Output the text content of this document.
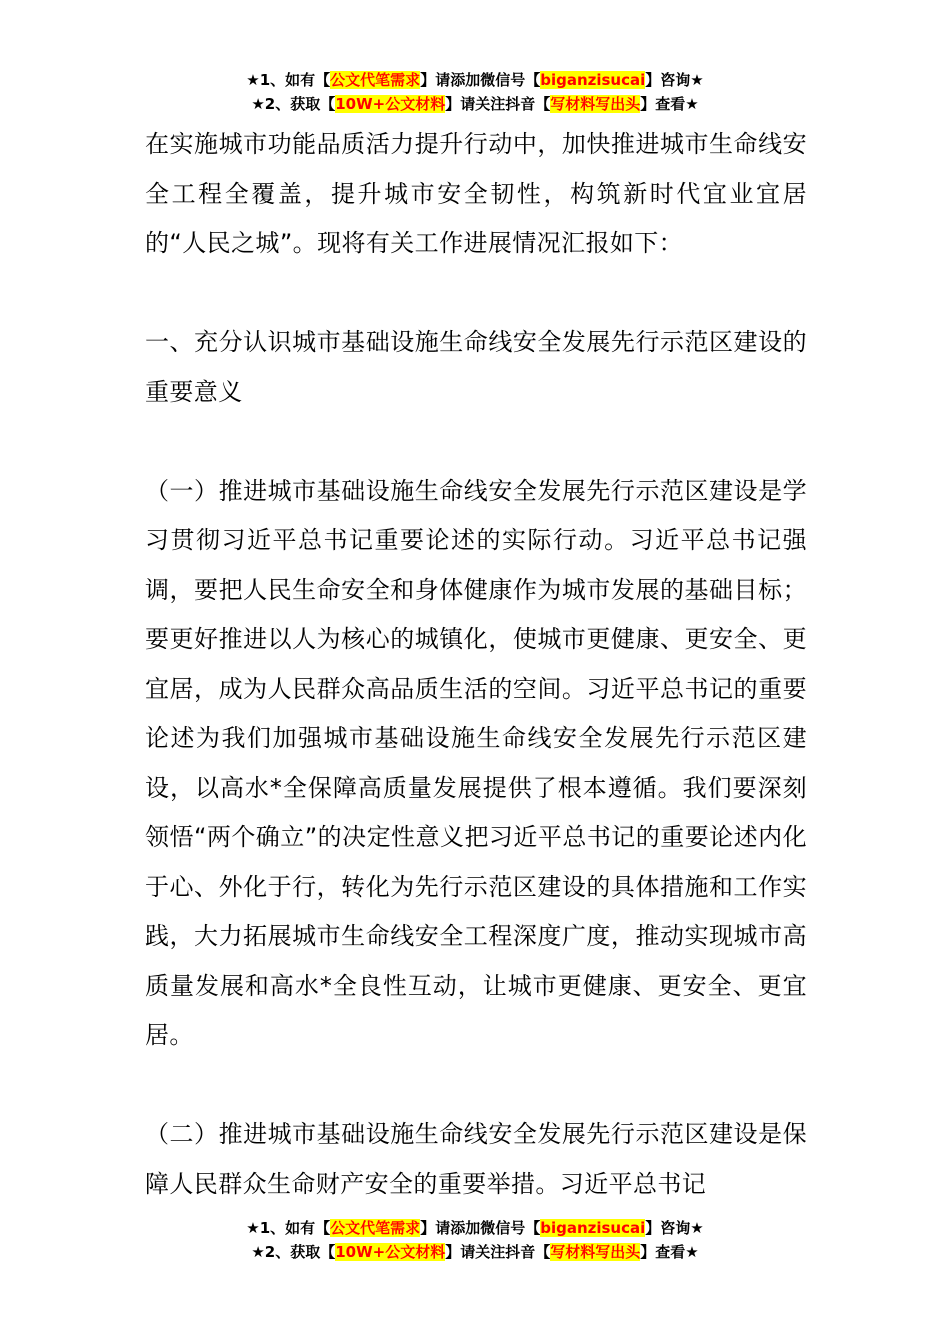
★1、如有【公文代笔需求】请添加微信号【biganzisucai】咨询★
★2、获取【10W+公文材料】请关注抖音【写材料写出头】查看★

在实施城市功能品质活力提升行动中，加快推进城市生命线安全工程全覆盖，提升城市安全韧性，构筑新时代宜业宜居的“人民之城”。现将有关工作进展情况汇报如下：

一、充分认识城市基础设施生命线安全发展先行示范区建设的重要意义

（一）推进城市基础设施生命线安全发展先行示范区建设是学习贯彻习近平总书记重要论述的实际行动。习近平总书记强调，要把人民生命安全和身体健康作为城市发展的基础目标；要更好推进以人为核心的城镇化，使城市更健康、更安全、更宜居，成为人民群众高品质生活的空间。习近平总书记的重要论述为我们加强城市基础设施生命线安全发展先行示范区建设，以高水*全保障高质量发展提供了根本遵循。我们要深刻领悟“两个确立”的决定性意义把习近平总书记的重要论述内化于心、外化于行，转化为先行示范区建设的具体措施和工作实践，大力拓展城市生命线安全工程深度广度，推动实现城市高质量发展和高水*全良性互动，让城市更健康、更安全、更宜居。

（二）推进城市基础设施生命线安全发展先行示范区建设是保障人民群众生命财产安全的重要举措。习近平总书记

★1、如有【公文代笔需求】请添加微信号【biganzisucai】咨询★
★2、获取【10W+公文材料】请关注抖音【写材料写出头】查看★
